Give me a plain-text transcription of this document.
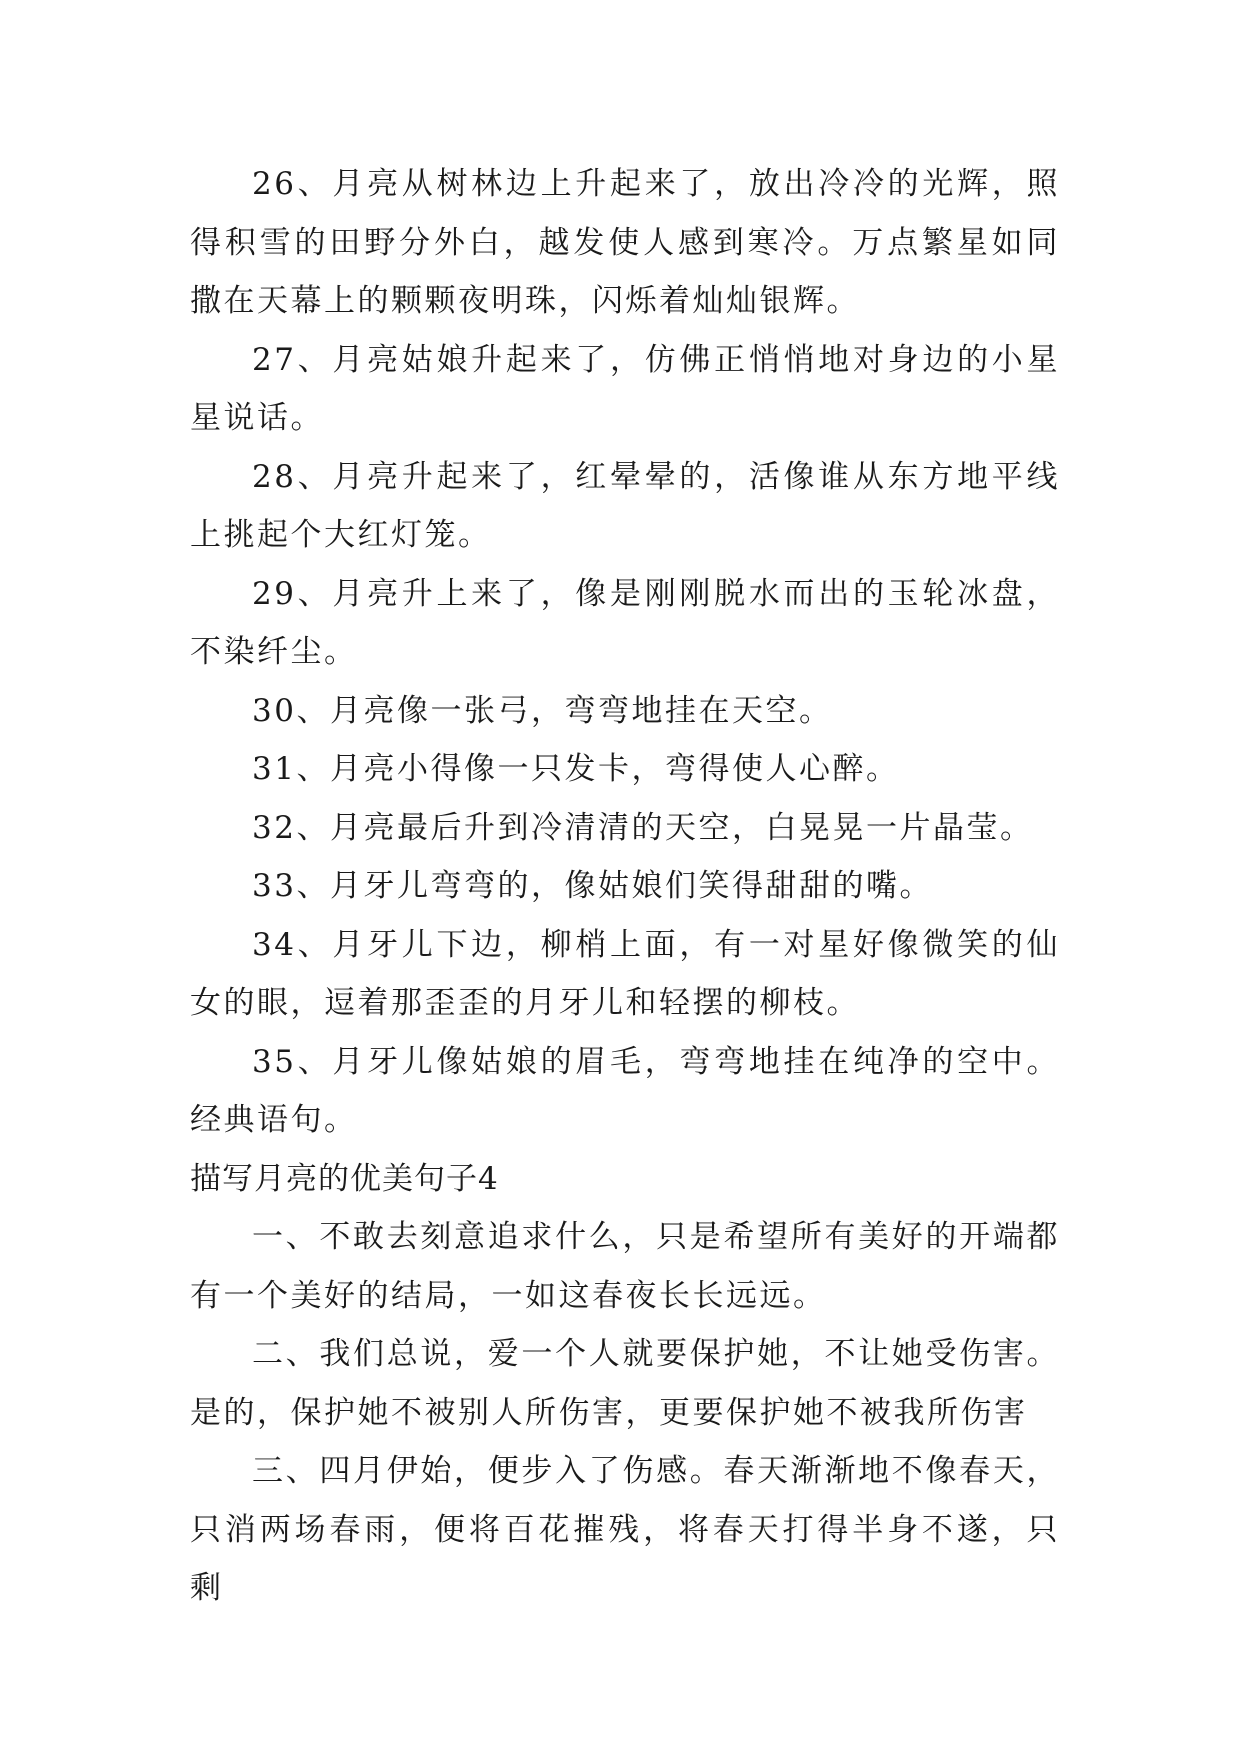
26、月亮从树林边上升起来了，放出冷冷的光辉，照得积雪的田野分外白，越发使人感到寒冷。万点繁星如同撒在天幕上的颗颗夜明珠，闪烁着灿灿银辉。

27、月亮姑娘升起来了，仿佛正悄悄地对身边的小星星说话。

28、月亮升起来了，红晕晕的，活像谁从东方地平线上挑起个大红灯笼。

29、月亮升上来了，像是刚刚脱水而出的玉轮冰盘，不染纤尘。

30、月亮像一张弓，弯弯地挂在天空。

31、月亮小得像一只发卡，弯得使人心醉。

32、月亮最后升到冷清清的天空，白晃晃一片晶莹。

33、月牙儿弯弯的，像姑娘们笑得甜甜的嘴。

34、月牙儿下边，柳梢上面，有一对星好像微笑的仙女的眼，逗着那歪歪的月牙儿和轻摆的柳枝。

35、月牙儿像姑娘的眉毛，弯弯地挂在纯净的空中。经典语句。

描写月亮的优美句子4

一、不敢去刻意追求什么，只是希望所有美好的开端都有一个美好的结局，一如这春夜长长远远。

二、我们总说，爱一个人就要保护她，不让她受伤害。是的，保护她不被别人所伤害，更要保护她不被我所伤害

三、四月伊始，便步入了伤感。春天渐渐地不像春天，只消两场春雨，便将百花摧残，将春天打得半身不遂，只剩
